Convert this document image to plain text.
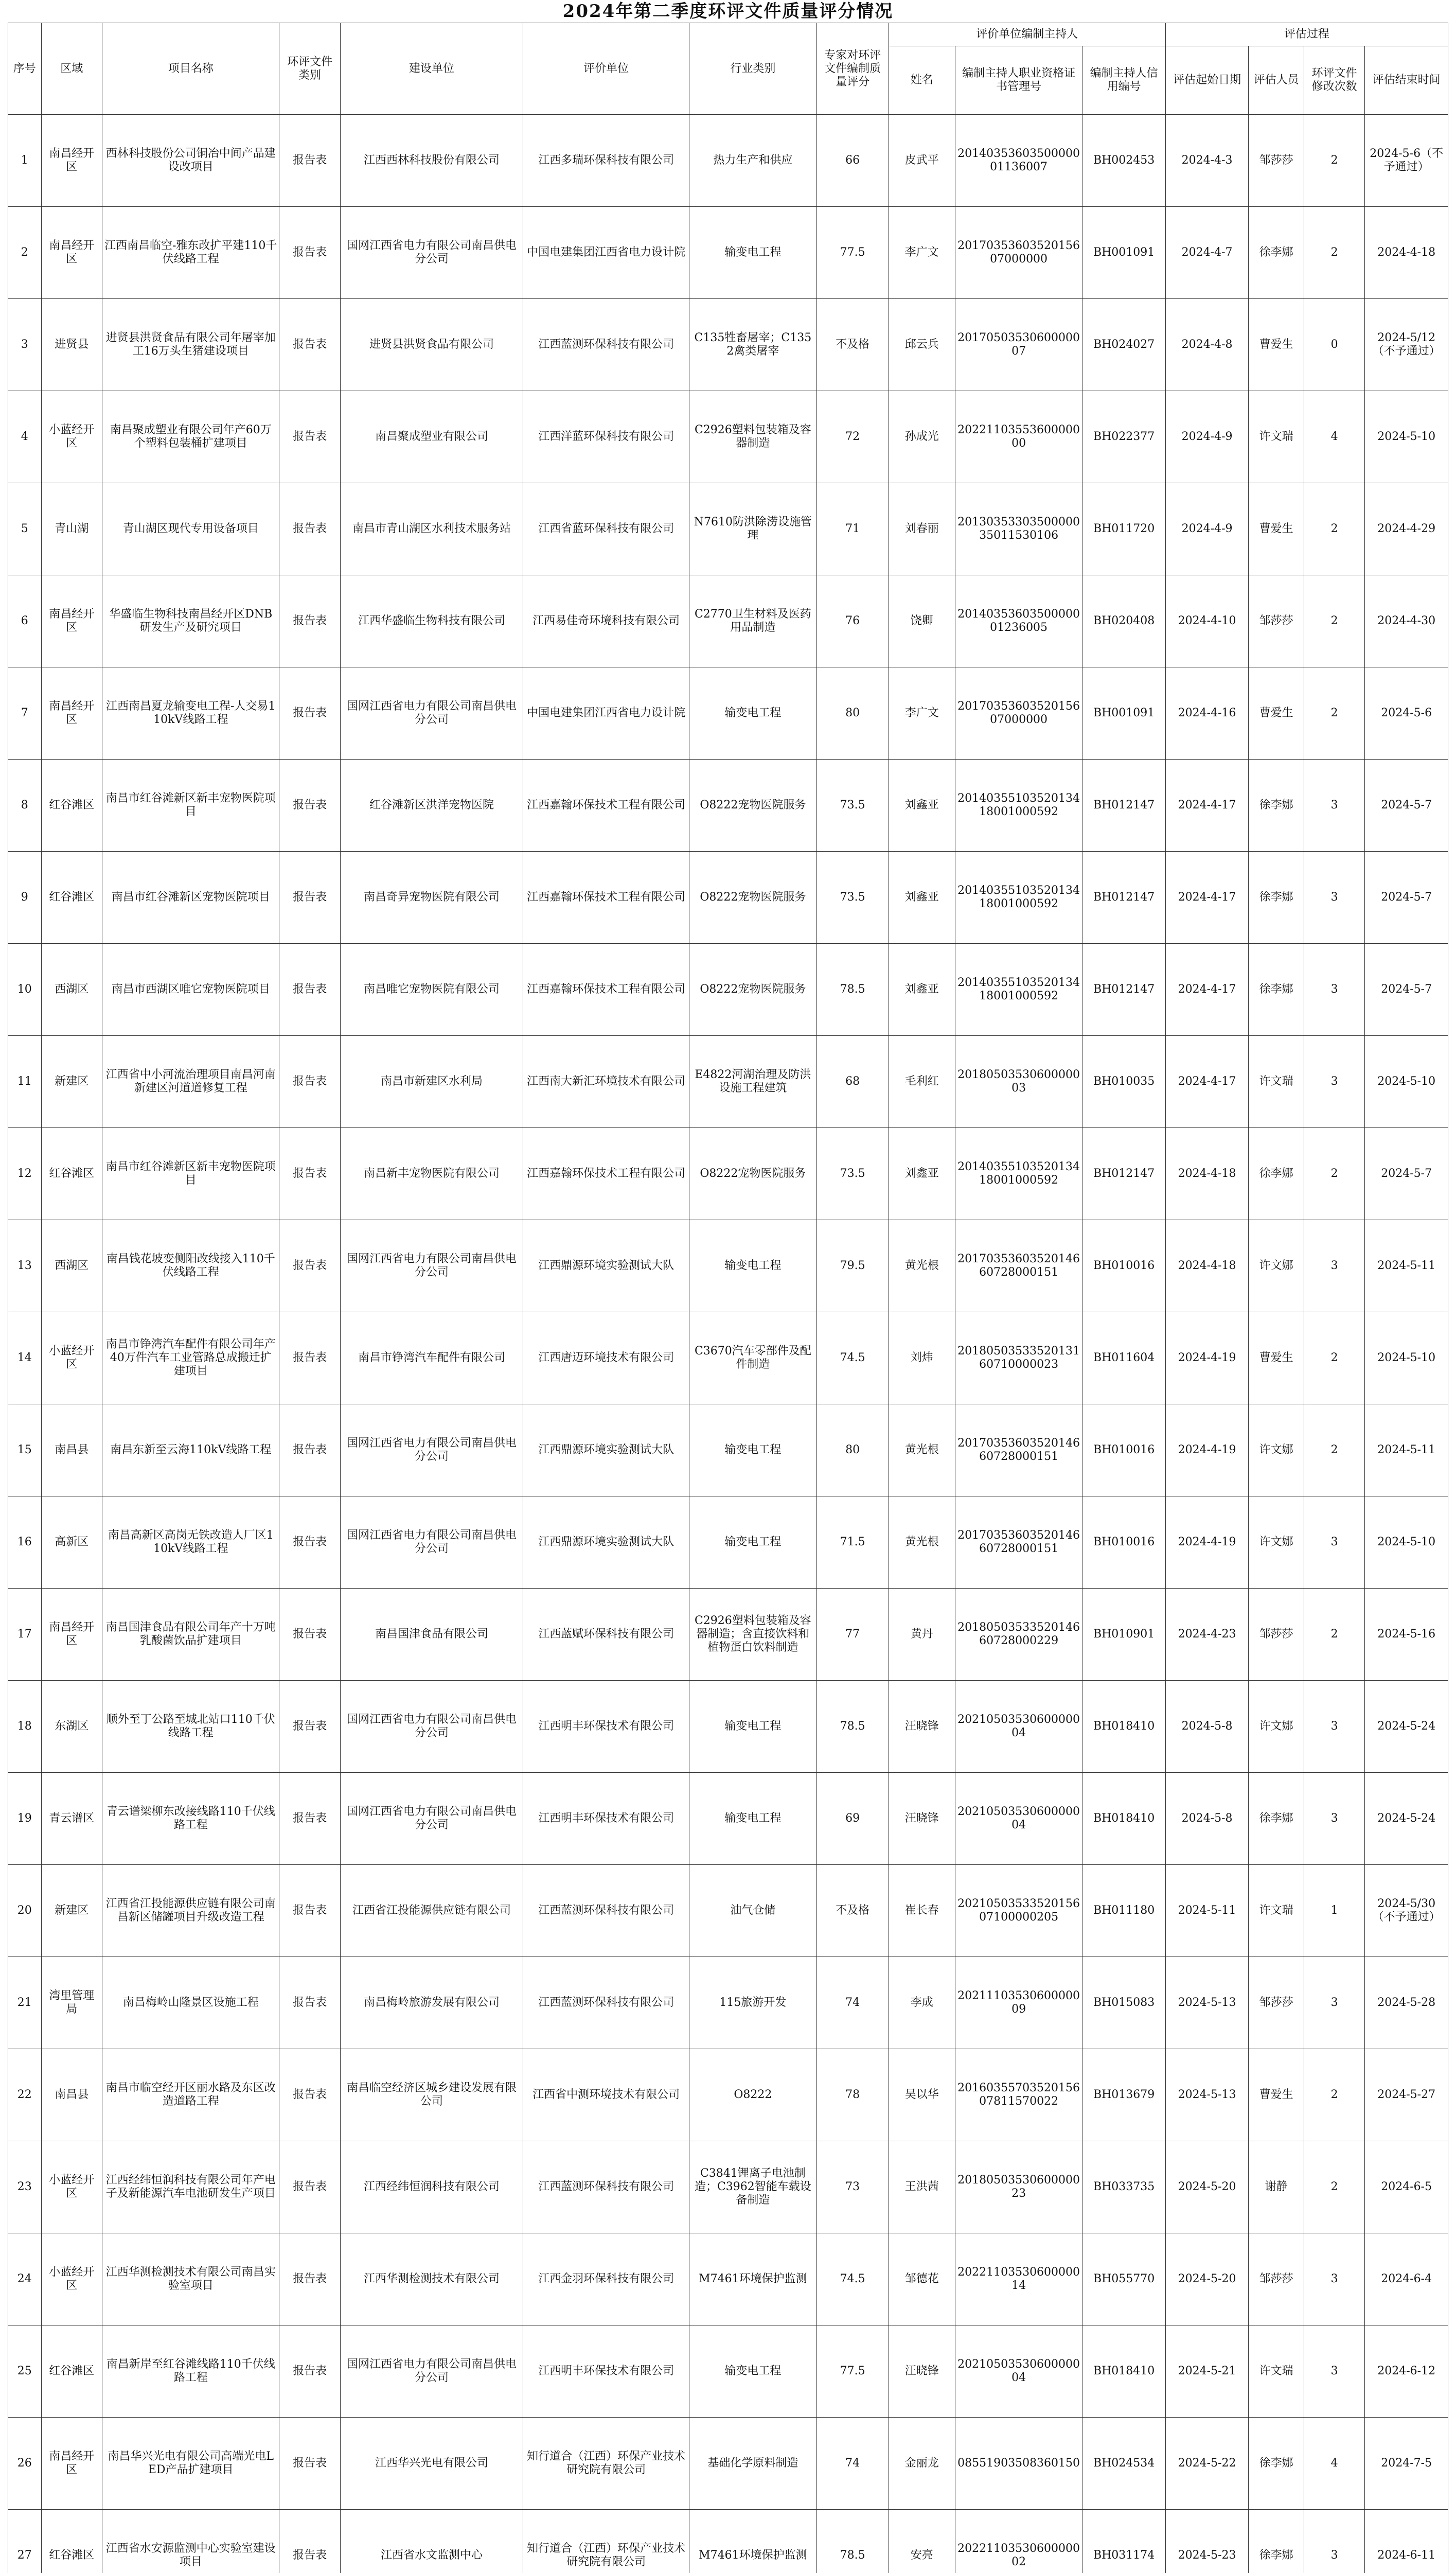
2024年第二季度环评文件质量评分情况
序号	区域	项目名称	环评文件类别	建设单位	评价单位	行业类别	专家对环评文件编制质量评分	评价单位编制主持人			评估过程			
								姓名	编制主持人职业资格证书管理号	编制主持人信用编号	评估起始日期	评估人员	环评文件修改次数	评估结束时间
1	南昌经开区	西林科技股份公司铜冶中间产品建设改项目	报告表	江西西林科技股份有限公司	江西多瑞环保科技有限公司	热力生产和供应	66	皮武平	2014035360350000001136007	BH002453	2024-4-3	邹莎莎	2	2024-5-6（不予通过）
2	南昌经开区	江西南昌临空-雅东改扩平建110千伏线路工程	报告表	国网江西省电力有限公司南昌供电分公司	中国电建集团江西省电力设计院	输变电工程	77.5	李广文	2017035360352015607000000	BH001091	2024-4-7	徐李娜	2	2024-4-18
3	进贤县	进贤县洪贤食品有限公司年屠宰加工16万头生猪建设项目	报告表	进贤县洪贤食品有限公司	江西蓝测环保科技有限公司	C135牲畜屠宰；C1352禽类屠宰	不及格	邱云兵	2017050353060000007	BH024027	2024-4-8	曹爱生	0	2024-5/12（不予通过）
4	小蓝经开区	南昌聚成塑业有限公司年产60万个塑料包装桶扩建项目	报告表	南昌聚成塑业有限公司	江西洋蓝环保科技有限公司	C2926塑料包装箱及容器制造	72	孙成光	2022110355360000000	BH022377	2024-4-9	许文瑞	4	2024-5-10
5	青山湖	青山湖区现代专用设备项目	报告表	南昌市青山湖区水利技术服务站	江西省蓝环保科技有限公司	N7610防洪除涝设施管理	71	刘春丽	2013035330350000035011530106	BH011720	2024-4-9	曹爱生	2	2024-4-29
6	南昌经开区	华盛临生物科技南昌经开区DNB研发生产及研究项目	报告表	江西华盛临生物科技有限公司	江西易佳奇环境科技有限公司	C2770卫生材料及医药用品制造	76	饶卿	2014035360350000001236005	BH020408	2024-4-10	邹莎莎	2	2024-4-30
7	南昌经开区	江西南昌夏龙输变电工程-人交易110kV线路工程	报告表	国网江西省电力有限公司南昌供电分公司	中国电建集团江西省电力设计院	输变电工程	80	李广文	2017035360352015607000000	BH001091	2024-4-16	曹爱生	2	2024-5-6
8	红谷滩区	南昌市红谷滩新区新丰宠物医院项目	报告表	红谷滩新区洪洋宠物医院	江西嘉翰环保技术工程有限公司	O8222宠物医院服务	73.5	刘鑫亚	2014035510352013418001000592	BH012147	2024-4-17	徐李娜	3	2024-5-7
9	红谷滩区	南昌市红谷滩新区宠物医院项目	报告表	南昌奇异宠物医院有限公司	江西嘉翰环保技术工程有限公司	O8222宠物医院服务	73.5	刘鑫亚	2014035510352013418001000592	BH012147	2024-4-17	徐李娜	3	2024-5-7
10	西湖区	南昌市西湖区唯它宠物医院项目	报告表	南昌唯它宠物医院有限公司	江西嘉翰环保技术工程有限公司	O8222宠物医院服务	78.5	刘鑫亚	2014035510352013418001000592	BH012147	2024-4-17	徐李娜	3	2024-5-7
11	新建区	江西省中小河流治理项目南昌河南新建区河道道修复工程	报告表	南昌市新建区水利局	江西南大新汇环境技术有限公司	E4822河湖治理及防洪设施工程建筑	68	毛利红	2018050353060000003	BH010035	2024-4-17	许文瑞	3	2024-5-10
12	红谷滩区	南昌市红谷滩新区新丰宠物医院项目	报告表	南昌新丰宠物医院有限公司	江西嘉翰环保技术工程有限公司	O8222宠物医院服务	73.5	刘鑫亚	2014035510352013418001000592	BH012147	2024-4-18	徐李娜	2	2024-5-7
13	西湖区	南昌钱花坡变侧阳改线接入110千伏线路工程	报告表	国网江西省电力有限公司南昌供电分公司	江西鼎源环境实验测试大队	输变电工程	79.5	黄光根	2017035360352014660728000151	BH010016	2024-4-18	许文娜	3	2024-5-11
14	小蓝经开区	南昌市铮湾汽车配件有限公司年产40万件汽车工业管路总成搬迁扩建项目	报告表	南昌市铮湾汽车配件有限公司	江西唐迈环境技术有限公司	C3670汽车零部件及配件制造	74.5	刘炜	2018050353352013160710000023	BH011604	2024-4-19	曹爱生	2	2024-5-10
15	南昌县	南昌东新至云海110kV线路工程	报告表	国网江西省电力有限公司南昌供电分公司	江西鼎源环境实验测试大队	输变电工程	80	黄光根	2017035360352014660728000151	BH010016	2024-4-19	许文娜	2	2024-5-11
16	高新区	南昌高新区高岗无铁改造人厂区110kV线路工程	报告表	国网江西省电力有限公司南昌供电分公司	江西鼎源环境实验测试大队	输变电工程	71.5	黄光根	2017035360352014660728000151	BH010016	2024-4-19	许文娜	3	2024-5-10
17	南昌经开区	南昌国津食品有限公司年产十万吨乳酸菌饮品扩建项目	报告表	南昌国津食品有限公司	江西蓝赋环保科技有限公司	C2926塑料包装箱及容器制造；含直接饮料和植物蛋白饮料制造	77	黄丹	2018050353352014660728000229	BH010901	2024-4-23	邹莎莎	2	2024-5-16
18	东湖区	顺外至丁公路至城北站口110千伏线路工程	报告表	国网江西省电力有限公司南昌供电分公司	江西明丰环保技术有限公司	输变电工程	78.5	汪晓锋	2021050353060000004	BH018410	2024-5-8	许文娜	3	2024-5-24
19	青云谱区	青云谱梁柳东改接线路110千伏线路工程	报告表	国网江西省电力有限公司南昌供电分公司	江西明丰环保技术有限公司	输变电工程	69	汪晓锋	2021050353060000004	BH018410	2024-5-8	徐李娜	3	2024-5-24
20	新建区	江西省江投能源供应链有限公司南昌新区储罐项目升级改造工程	报告表	江西省江投能源供应链有限公司	江西蓝测环保科技有限公司	油气仓储	不及格	崔长春	2021050353352015607100000205	BH011180	2024-5-11	许文瑞	1	2024-5/30（不予通过）
21	湾里管理局	南昌梅岭山隆景区设施工程	报告表	南昌梅岭旅游发展有限公司	江西蓝测环保科技有限公司	115旅游开发	74	李成	2021110353060000009	BH015083	2024-5-13	邹莎莎	3	2024-5-28
22	南昌县	南昌市临空经开区丽水路及东区改造道路工程	报告表	南昌临空经济区城乡建设发展有限公司	江西省中测环境技术有限公司	O8222	78	吴以华	2016035570352015607811570022	BH013679	2024-5-13	曹爱生	2	2024-5-27
23	小蓝经开区	江西经纬恒润科技有限公司年产电子及新能源汽车电池研发生产项目	报告表	江西经纬恒润科技有限公司	江西蓝测环保科技有限公司	C3841锂离子电池制造；C3962智能车载设备制造	73	王洪茜	2018050353060000023	BH033735	2024-5-20	谢静	2	2024-6-5
24	小蓝经开区	江西华测检测技术有限公司南昌实验室项目	报告表	江西华测检测技术有限公司	江西金羽环保科技有限公司	M7461环境保护监测	74.5	邹德花	2022110353060000014	BH055770	2024-5-20	邹莎莎	3	2024-6-4
25	红谷滩区	南昌新岸至红谷滩线路110千伏线路工程	报告表	国网江西省电力有限公司南昌供电分公司	江西明丰环保技术有限公司	输变电工程	77.5	汪晓锋	2021050353060000004	BH018410	2024-5-21	许文瑞	3	2024-6-12
26	南昌经开区	南昌华兴光电有限公司高端光电LED产品扩建项目	报告表	江西华兴光电有限公司	知行道合（江西）环保产业技术研究院有限公司	基础化学原料制造	74	金丽龙	08551903508360150	BH024534	2024-5-22	徐李娜	4	2024-7-5
27	红谷滩区	江西省水安源监测中心实验室建设项目	报告表	江西省水文监测中心	知行道合（江西）环保产业技术研究院有限公司	M7461环境保护监测	78.5	安亮	2022110353060000002	BH031174	2024-5-23	徐李娜	3	2024-6-11
